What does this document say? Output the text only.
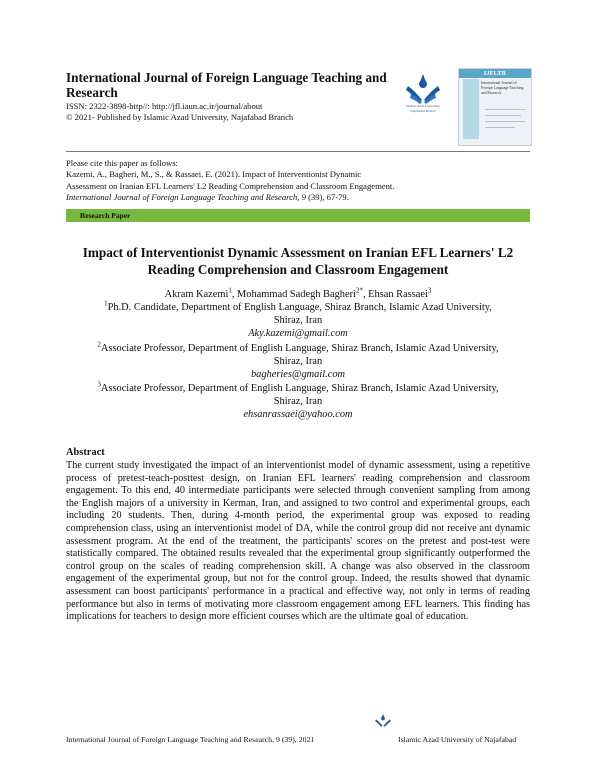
International Journal of Foreign Language Teaching and Research
ISSN: 2322-3898-http//: http://jfl.iaun.ac.ir/journal/about
© 2021- Published by Islamic Azad University, Najafabad Branch
Islamic Azad University Najafabad Branch
IJFLTR
International Journal of Foreign Language Teaching and Research
Please cite this paper as follows:
Kazemi, A., Bagheri, M., S., & Rassaei, E. (2021). Impact of Interventionist Dynamic
Assessment on Iranian EFL Learners' L2 Reading Comprehension and Classroom Engagement.
International Journal of Foreign Language Teaching and Research, 9 (39), 67-79.
Research Paper
Impact of Interventionist Dynamic Assessment on Iranian EFL Learners' L2
Reading Comprehension and Classroom Engagement
Akram Kazemi$^1$, Mohammad Sadegh Bagheri$^{2*}$, Ehsan Rassaei$^3$
$^1$Ph.D. Candidate, Department of English Language, Shiraz Branch, Islamic Azad University,
Shiraz, Iran
Aky.kazemi@gmail.com
$^2$Associate Professor, Department of English Language, Shiraz Branch, Islamic Azad University,
Shiraz, Iran
bagheries@gmail.com
$^3$Associate Professor, Department of English Language, Shiraz Branch, Islamic Azad University,
Shiraz, Iran
ehsanrassaei@yahoo.com
Abstract
The current study investigated the impact of an interventionist model of dynamic assessment, using a repetitive process of pretest-teach-posttest design, on Iranian EFL learners' reading comprehension and classroom engagement. To this end, 40 intermediate participants were selected through convenient sampling from among the English majors of a university in Kerman, Iran, and assigned to two control and experimental groups, each including 20 students. Then, during 4-month period, the experimental group was exposed to reading comprehension class, using an interventionist model of DA, while the control group did not receive ant dynamic assessment program. At the end of the treatment, the participants' scores on the pretest and post-test were statistically compared. The obtained results revealed that the experimental group significantly outperformed the control group on the scales of reading comprehension skill. A change was also observed in the classroom engagement of the experimental group, but not for the control group. Indeed, the results showed that dynamic assessment can boost participants' performance in a practical and effective way, not only in terms of reading performance but also in terms of motivating more classroom engagement among EFL learners. This finding has implications for teachers to design more efficient courses which are the ultimate goal of education.
International Journal of Foreign Language Teaching and Research, 9 (39), 2021	Islamic Azad University of Najafabad
